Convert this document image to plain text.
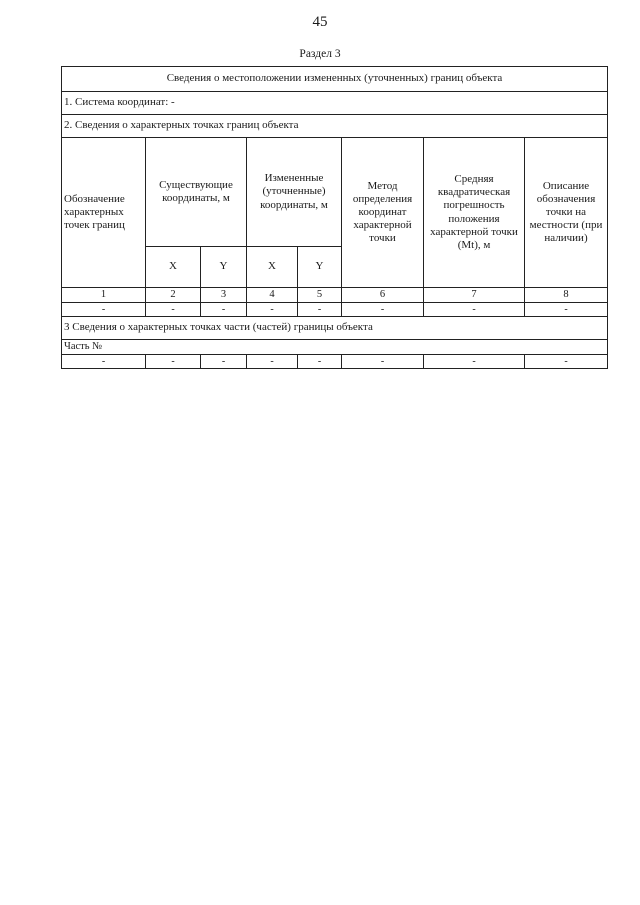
45
Раздел 3
Сведения о местоположении измененных (уточненных) границ объекта							
1. Система координат: -							
2. Сведения о характерных точках границ объекта							
Обозначение характерных точек границ	Существующие координаты, м		Измененные (уточненные) координаты, м		Метод определения координат характерной точки	Средняя квадратическая погрешность положения характерной точки (Mt), м	Описание обозначения точки на местности (при наличии)
	X	Y	X	Y			
1	2	3	4	5	6	7	8
-	-	-	-	-	-	-	-
3 Сведения о характерных точках части (частей) границы объекта							
Часть №							
-	-	-	-	-	-	-	-
